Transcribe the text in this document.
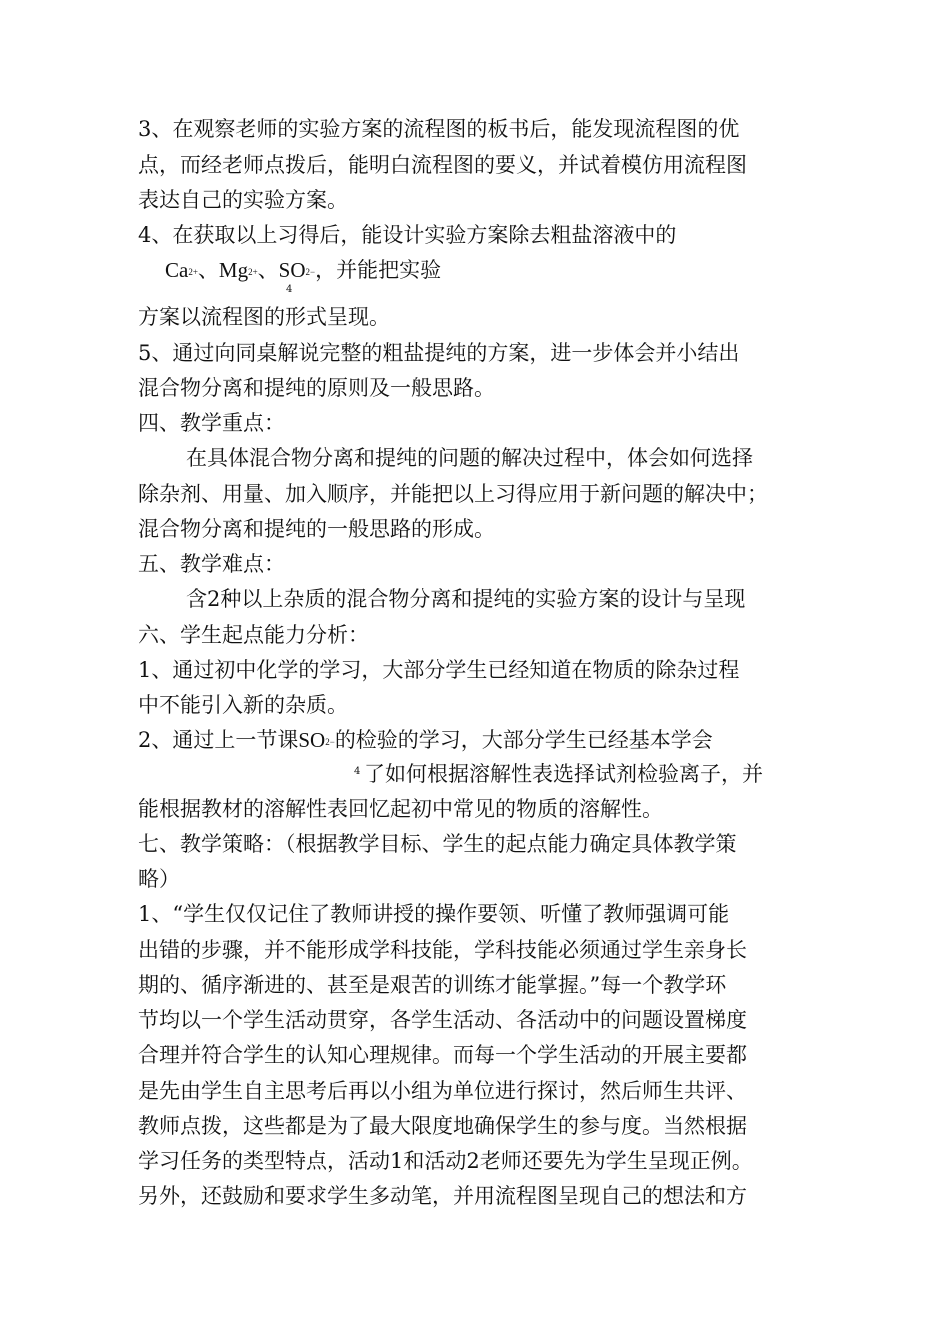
3、在观察老师的实验方案的流程图的板书后，能发现流程图的优
点，而经老师点拨后，能明白流程图的要义，并试着模仿用流程图
表达自己的实验方案。
4、在获取以上习得后，能设计实验方案除去粗盐溶液中的
$Ca^{2+}$、$Mg^{2+}$、$SO^{2-}$，并能把实验
4
方案以流程图的形式呈现。
5、通过向同桌解说完整的粗盐提纯的方案，进一步体会并小结出
混合物分离和提纯的原则及一般思路。
四、教学重点：
在具体混合物分离和提纯的问题的解决过程中，体会如何选择
除杂剂、用量、加入顺序，并能把以上习得应用于新问题的解决中；
混合物分离和提纯的一般思路的形成。
五、教学难点：
含2种以上杂质的混合物分离和提纯的实验方案的设计与呈现
六、学生起点能力分析：
1、通过初中化学的学习，大部分学生已经知道在物质的除杂过程
中不能引入新的杂质。
2、通过上一节课$SO^{2-}$的检验的学习，大部分学生已经基本学会
4 了如何根据溶解性表选择试剂检验离子，并
能根据教材的溶解性表回忆起初中常见的物质的溶解性。
七、教学策略：（根据教学目标、学生的起点能力确定具体教学策
略）
1、“学生仅仅记住了教师讲授的操作要领、听懂了教师强调可能
出错的步骤，并不能形成学科技能，学科技能必须通过学生亲身长
期的、循序渐进的、甚至是艰苦的训练才能掌握。”每一个教学环
节均以一个学生活动贯穿，各学生活动、各活动中的问题设置梯度
合理并符合学生的认知心理规律。而每一个学生活动的开展主要都
是先由学生自主思考后再以小组为单位进行探讨，然后师生共评、
教师点拨，这些都是为了最大限度地确保学生的参与度。当然根据
学习任务的类型特点，活动1和活动2老师还要先为学生呈现正例。
另外，还鼓励和要求学生多动笔，并用流程图呈现自己的想法和方
